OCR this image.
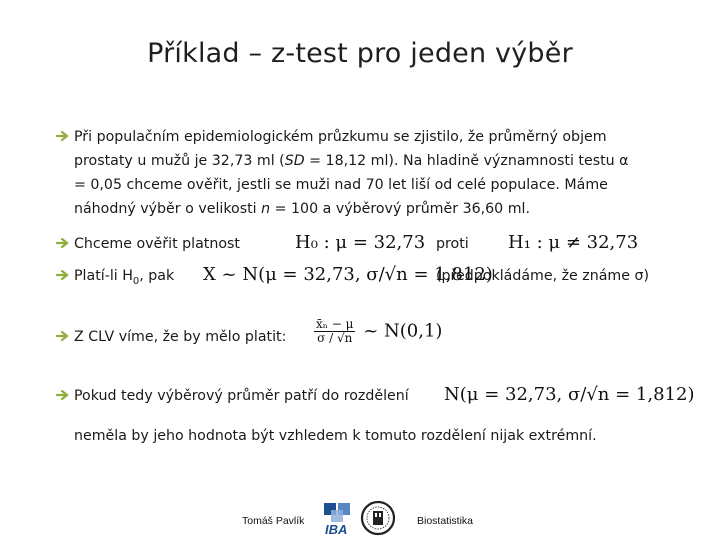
Příklad – z-test pro jeden výběr
Při populačním epidemiologickém průzkumu se zjistilo, že průměrný objem
prostaty u mužů je 32,73 ml (SD = 18,12 ml). Na hladině významnosti testu α
= 0,05 chceme ověřit, jestli se muži nad 70 let liší od celé populace. Máme
náhodný výběr o velikosti n = 100 a výběrový průměr 36,60 ml.
Chceme ověřit platnost	H₀ : μ = 32,73 proti	H₁ : μ ≠ 32,73
Platí-li $H_0$, pak	X ~ N(μ = 32,73, σ/√n = 1,812)
(předpokládáme, že známe σ)
Z CLV víme, že by mělo platit:	$\frac{\text{x̄ₙ − μ}}{\sigma / √n}$ ~ N(0,1)
Pokud tedy výběrový průměr patří do rozdělení
neměla by jeho hodnota být vzhledem k tomuto rozdělení nijak extrémní.
N(μ = 32,73, σ/√n = 1,812)
Tomáš Pavlík
IBA
Biostatistika
